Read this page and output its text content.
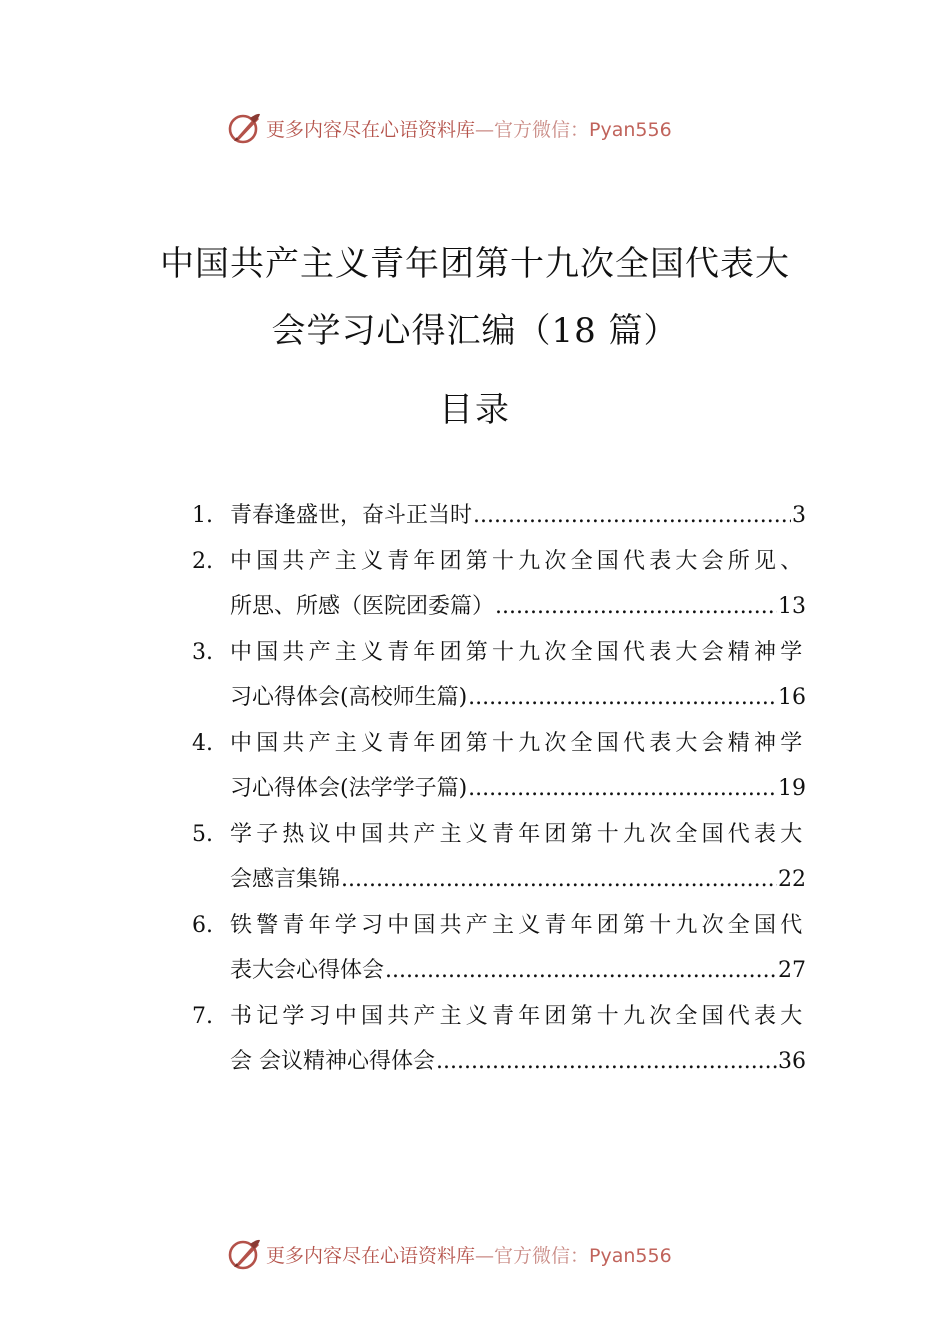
更多内容尽在心语资料库—官方微信：Pyan556
中国共产主义青年团第十九次全国代表大
会学习心得汇编（18 篇）
目录
1. 青春逢盛世，奋斗正当时 .....	3
2. 中国共产主义青年团第十九次全国代表大会所见、
所思、所感（医院团委篇） .....	13
3. 中国共产主义青年团第十九次全国代表大会精神学
习心得体会(高校师生篇) .....	16
4. 中国共产主义青年团第十九次全国代表大会精神学
习心得体会(法学学子篇) .....	19
5. 学子热议中国共产主义青年团第十九次全国代表大
会感言集锦 .....	22
6. 铁警青年学习中国共产主义青年团第十九次全国代
表大会心得体会 .....	27
7. 书记学习中国共产主义青年团第十九次全国代表大
会 会议精神心得体会 .....	36
更多内容尽在心语资料库—官方微信：Pyan556
